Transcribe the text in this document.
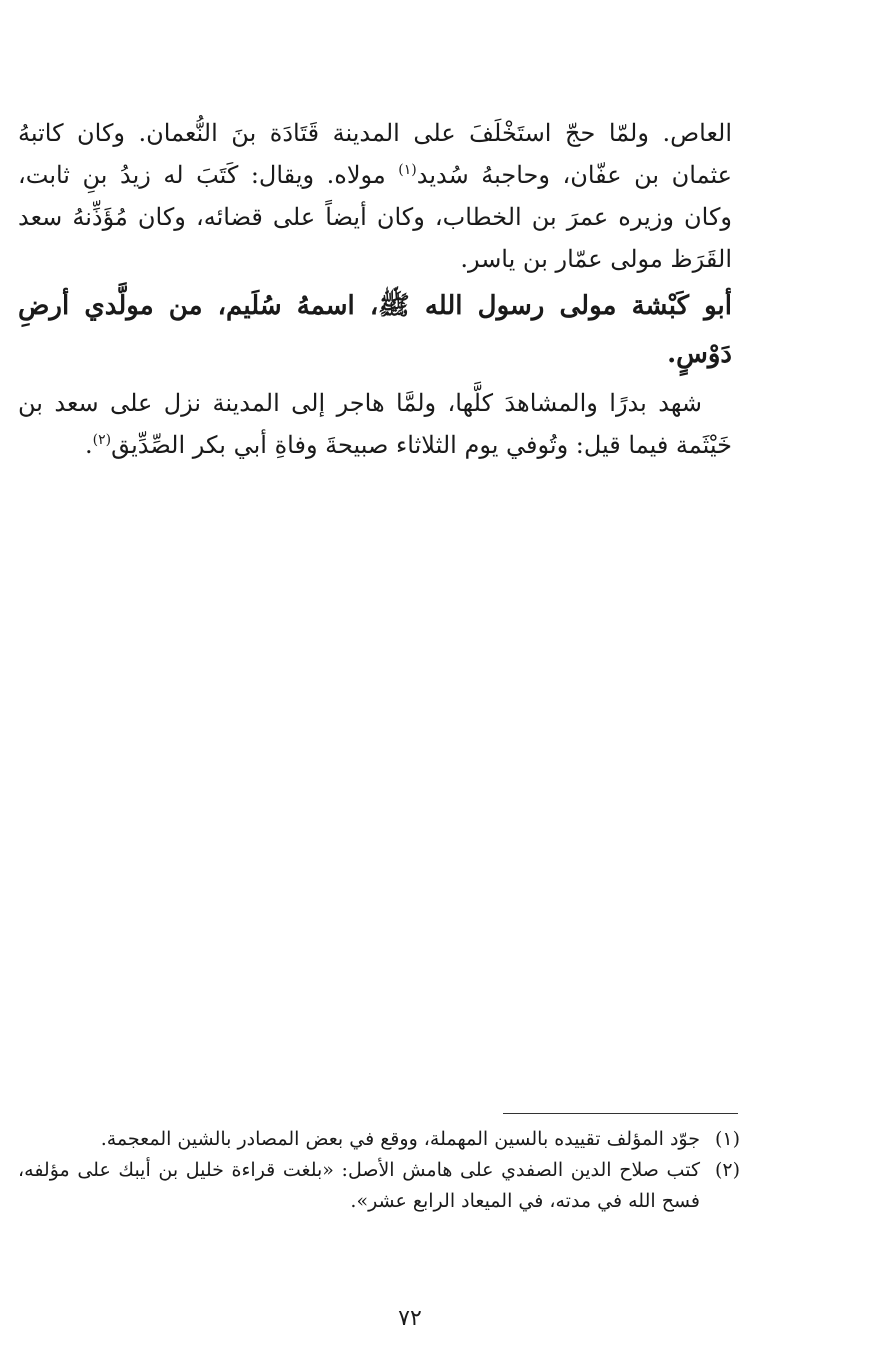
العاص. ولمّا حجّ استَخْلَفَ على المدينة قَتَادَة بنَ النُّعمان. وكان كاتبهُ عثمان بن عفّان، وحاجبهُ سُديد$^{(١)}$ مولاه. ويقال: كَتَبَ له زيدُ بنِ ثابت، وكان وزيره عمرَ بن الخطاب، وكان أيضاً على قضائه، وكان مُؤَذِّنهُ سعد القَرَظ مولى عمّار بن ياسر.

أبو كَبْشة مولى رسول الله ﷺ، اسمهُ سُلَيم، من مولَّدي أرضِ دَوْسٍ.

شهد بدرًا والمشاهدَ كلَّها، ولمَّا هاجر إلى المدينة نزل على سعد بن خَيْثَمة فيما قيل: وتُوفي يوم الثلاثاء صبيحةَ وفاةِ أبي بكر الصِّدِّيق$^{(٢)}$.

(١)
جوّد المؤلف تقييده بالسين المهملة، ووقع في بعض المصادر بالشين المعجمة.
(٢)
كتب صلاح الدين الصفدي على هامش الأصل: «بلغت قراءة خليل بن أيبك على مؤلفه، فسح الله في مدته، في الميعاد الرابع عشر».
٧٢
